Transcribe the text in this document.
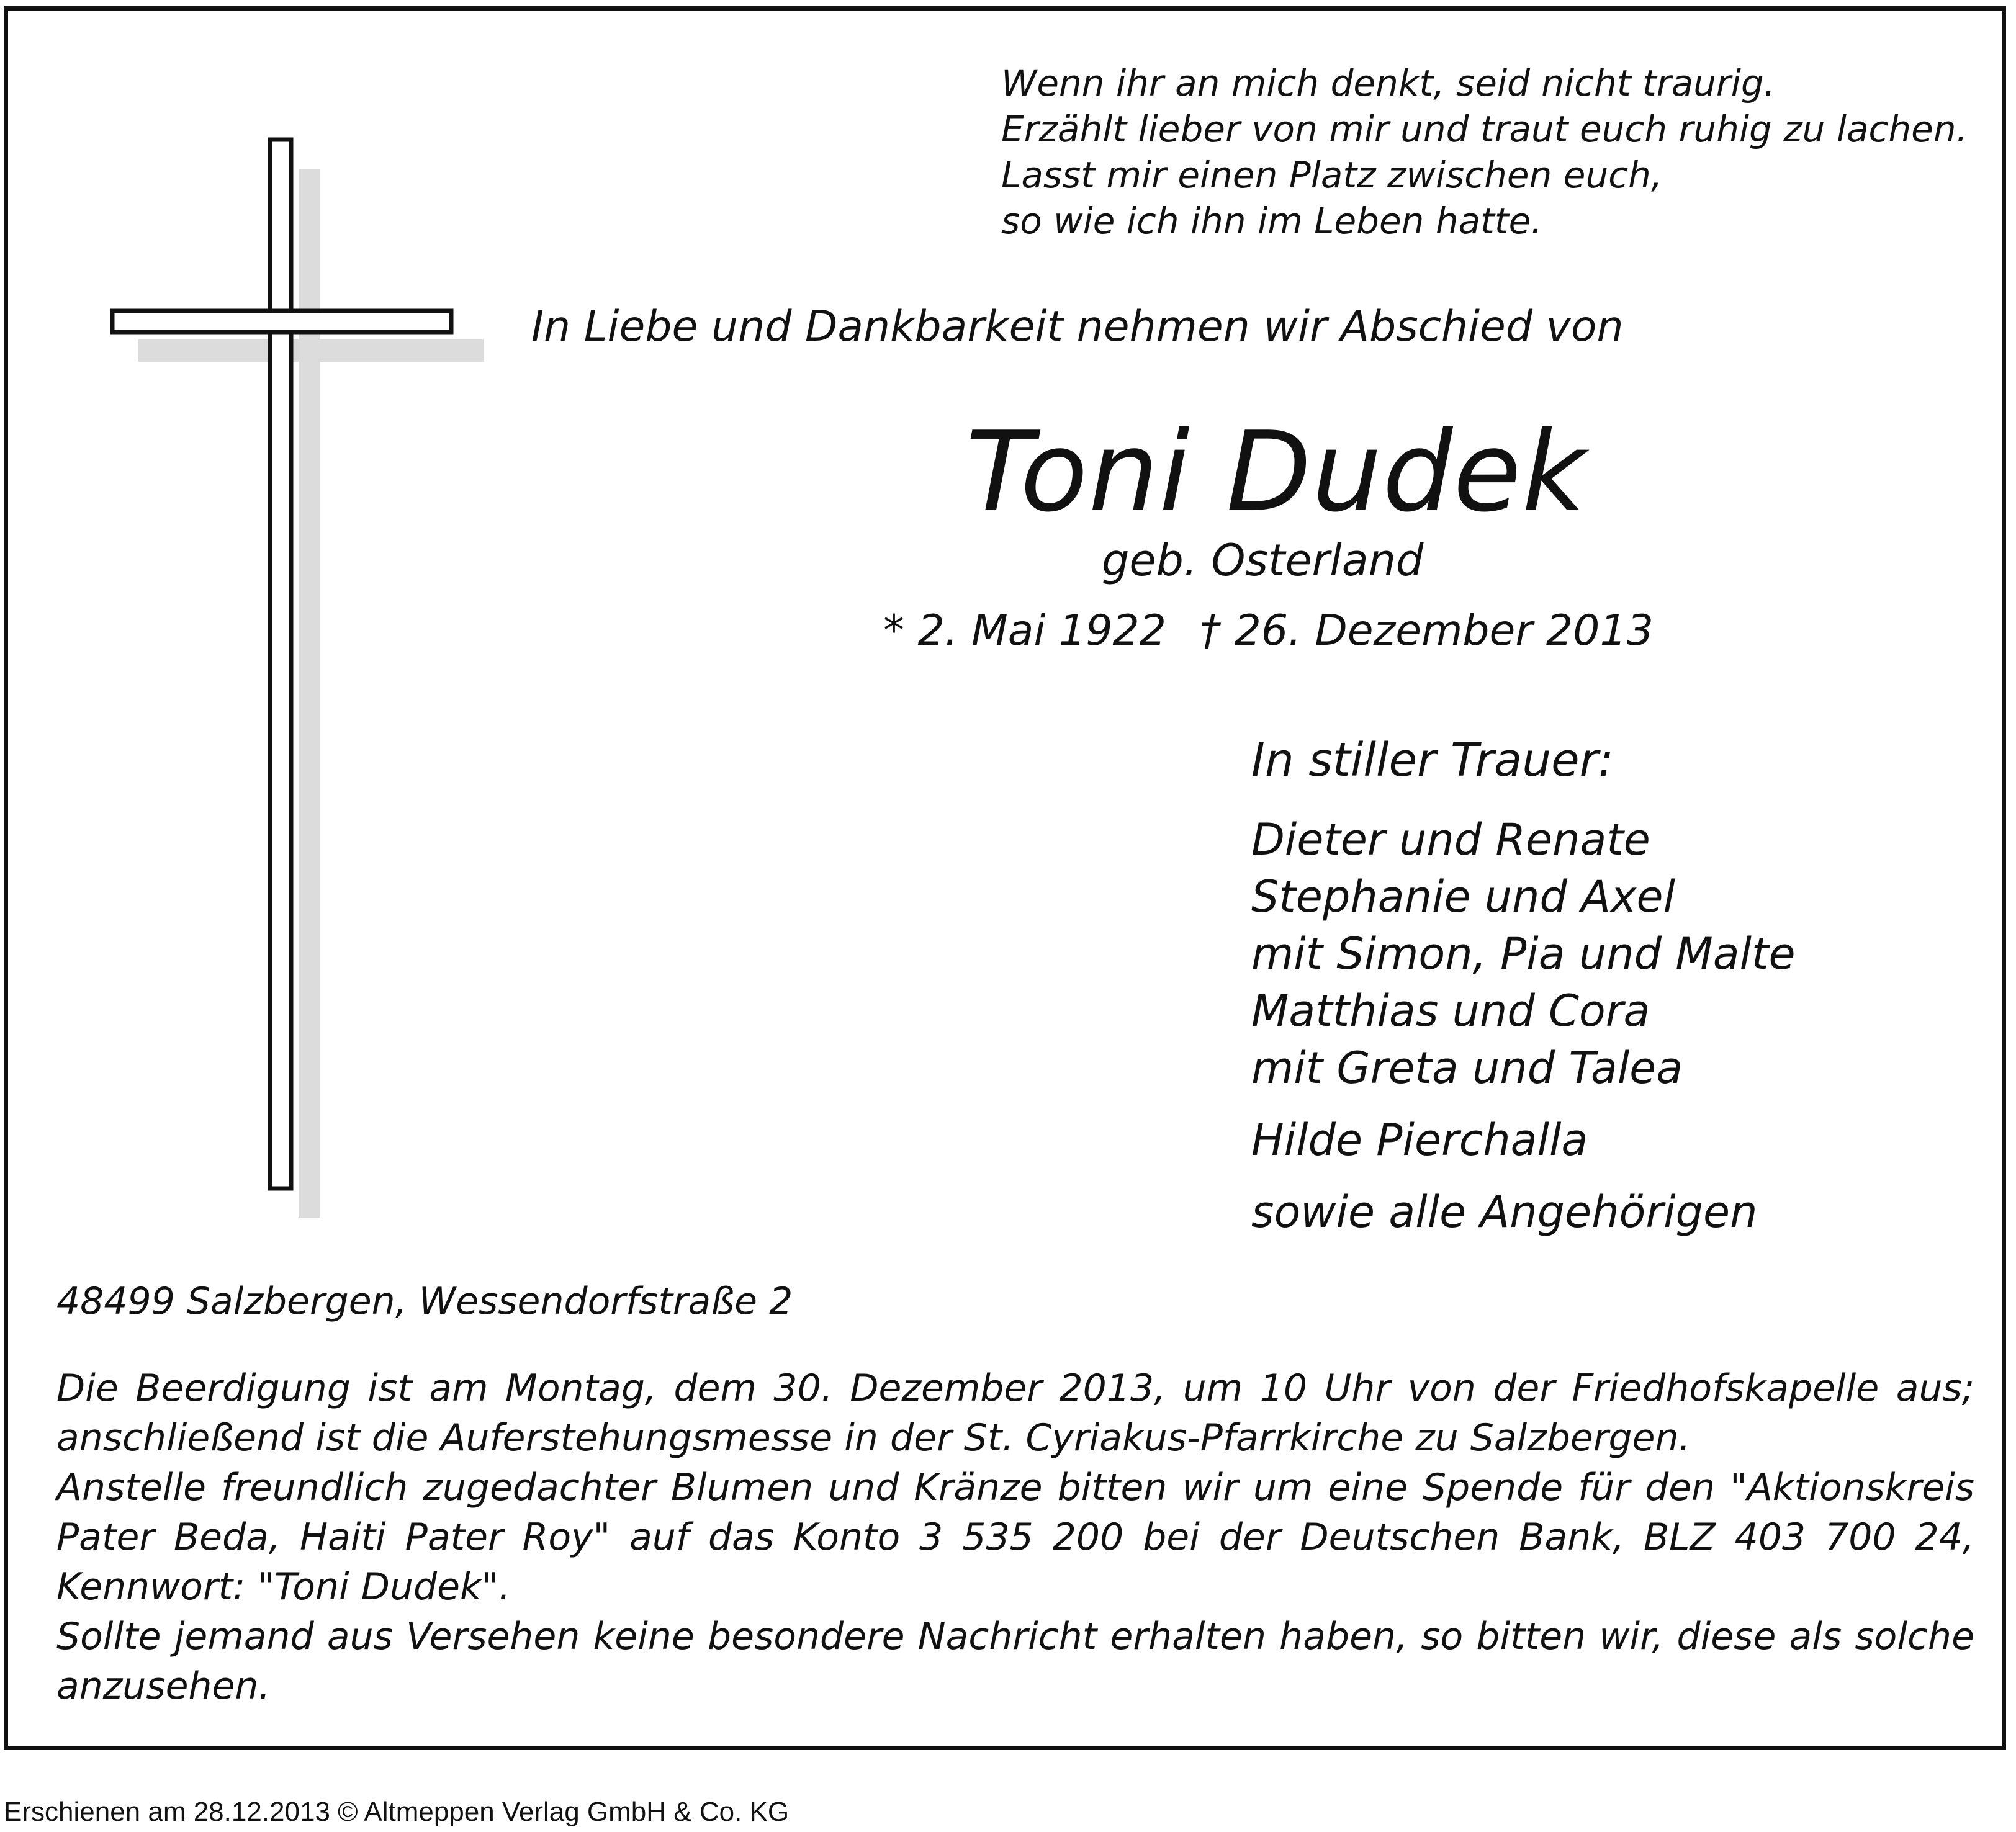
Wenn ihr an mich denkt, seid nicht traurig.
Erzählt lieber von mir und traut euch ruhig zu lachen.
Lasst mir einen Platz zwischen euch,
so wie ich ihn im Leben hatte.
In Liebe und Dankbarkeit nehmen wir Abschied von
Toni Dudek
geb. Osterland
* 2. Mai 1922 † 26. Dezember 2013
In stiller Trauer:
Dieter und Renate
Stephanie und Axel
mit Simon, Pia und Malte
Matthias und Cora
mit Greta und Talea
Hilde Pierchalla
sowie alle Angehörigen
48499 Salzbergen, Wessendorfstraße 2

Die Beerdigung ist am Montag, dem 30. Dezember 2013, um 10 Uhr von der Friedhofskapelle aus; anschließend ist die Auferstehungsmesse in der St. Cyriakus-Pfarrkirche zu Salzbergen.

Anstelle freundlich zugedachter Blumen und Kränze bitten wir um eine Spende für den "Aktionskreis Pater Beda, Haiti Pater Roy" auf das Konto 3 535 200 bei der Deutschen Bank, BLZ 403 700 24, Kennwort: "Toni Dudek".

Sollte jemand aus Versehen keine besondere Nachricht erhalten haben, so bitten wir, diese als solche anzusehen.

Erschienen am 28.12.2013 © Altmeppen Verlag GmbH & Co. KG
